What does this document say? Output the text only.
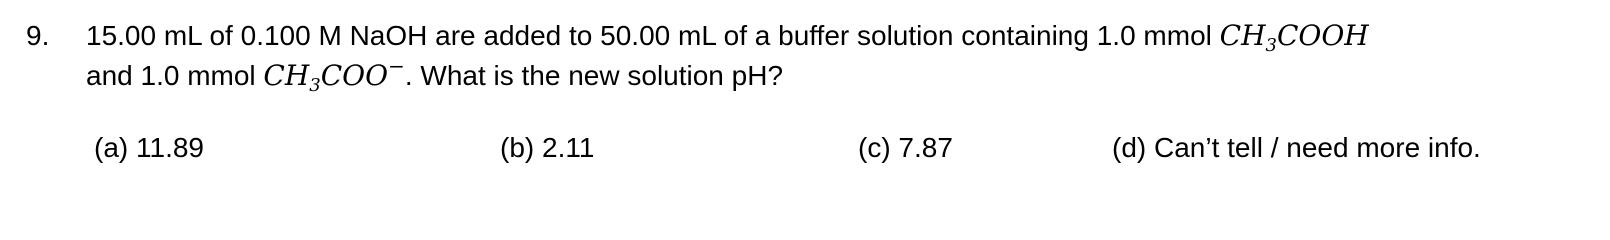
9. 15.00 mL of 0.100 M NaOH are added to 50.00 mL of a buffer solution containing 1.0 mmol $CH_3COOH$
and 1.0 mmol $CH_3COO^-$. What is the new solution pH?
(a) 11.89	(b) 2.11	(c) 7.87	(d) Can’t tell / need more info.
